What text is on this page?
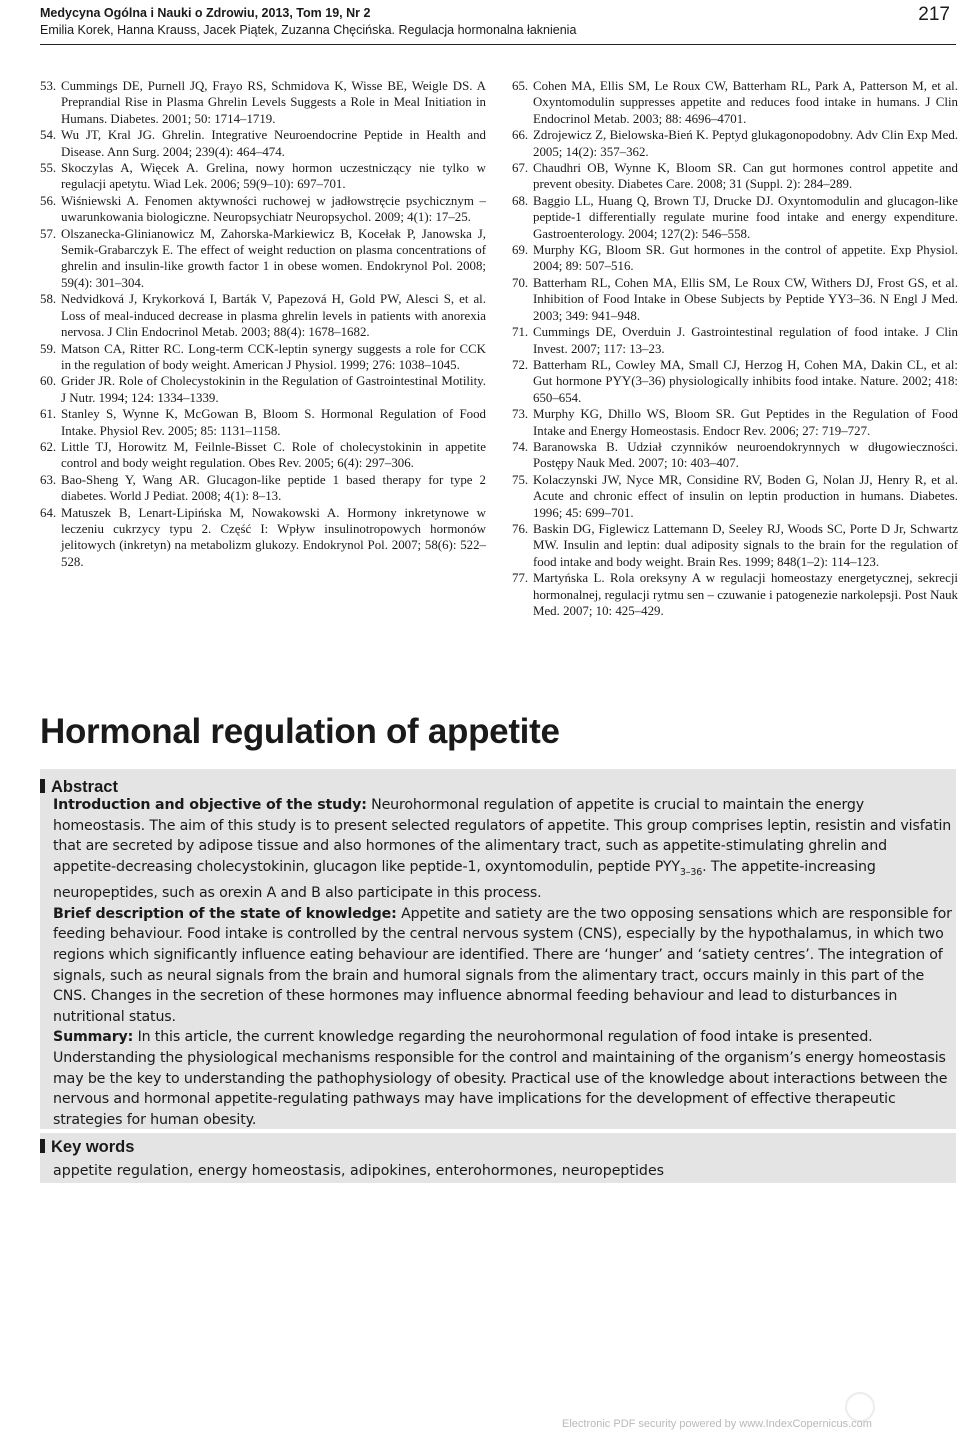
Medycyna Ogólna i Nauki o Zdrowiu, 2013, Tom 19, Nr 2
Emilia Korek, Hanna Krauss, Jacek Piątek, Zuzanna Chęcińska. Regulacja hormonalna łaknienia
217
53. Cummings DE, Purnell JQ, Frayo RS, Schmidova K, Wisse BE, Weigle DS. A Preprandial Rise in Plasma Ghrelin Levels Suggests a Role in Meal Initiation in Humans. Diabetes. 2001; 50: 1714–1719.
54. Wu JT, Kral JG. Ghrelin. Integrative Neuroendocrine Peptide in Health and Disease. Ann Surg. 2004; 239(4): 464–474.
55. Skoczylas A, Więcek A. Grelina, nowy hormon uczestniczący nie tylko w regulacji apetytu. Wiad Lek. 2006; 59(9–10): 697–701.
56. Wiśniewski A. Fenomen aktywności ruchowej w jadłowstręcie psychicznym – uwarunkowania biologiczne. Neuropsychiatr Neuropsychol. 2009; 4(1): 17–25.
57. Olszanecka-Glinianowicz M, Zahorska-Markiewicz B, Kocełak P, Janowska J, Semik-Grabarczyk E. The effect of weight reduction on plasma concentrations of ghrelin and insulin-like growth factor 1 in obese women. Endokrynol Pol. 2008; 59(4): 301–304.
58. Nedvidková J, Krykorková I, Barták V, Papezová H, Gold PW, Alesci S, et al. Loss of meal-induced decrease in plasma ghrelin levels in patients with anorexia nervosa. J Clin Endocrinol Metab. 2003; 88(4): 1678–1682.
59. Matson CA, Ritter RC. Long-term CCK-leptin synergy suggests a role for CCK in the regulation of body weight. American J Physiol. 1999; 276: 1038–1045.
60. Grider JR. Role of Cholecystokinin in the Regulation of Gastrointestinal Motility. J Nutr. 1994; 124: 1334–1339.
61. Stanley S, Wynne K, McGowan B, Bloom S. Hormonal Regulation of Food Intake. Physiol Rev. 2005; 85: 1131–1158.
62. Little TJ, Horowitz M, Feilnle-Bisset C. Role of cholecystokinin in appetite control and body weight regulation. Obes Rev. 2005; 6(4): 297–306.
63. Bao-Sheng Y, Wang AR. Glucagon-like peptide 1 based therapy for type 2 diabetes. World J Pediat. 2008; 4(1): 8–13.
64. Matuszek B, Lenart-Lipińska M, Nowakowski A. Hormony inkretynowe w leczeniu cukrzycy typu 2. Część I: Wpływ insulinotropowych hormonów jelitowych (inkretyn) na metabolizm glukozy. Endokrynol Pol. 2007; 58(6): 522–528.
65. Cohen MA, Ellis SM, Le Roux CW, Batterham RL, Park A, Patterson M, et al. Oxyntomodulin suppresses appetite and reduces food intake in humans. J Clin Endocrinol Metab. 2003; 88: 4696–4701.
66. Zdrojewicz Z, Bielowska-Bień K. Peptyd glukagonopodobny. Adv Clin Exp Med. 2005; 14(2): 357–362.
67. Chaudhri OB, Wynne K, Bloom SR. Can gut hormones control appetite and prevent obesity. Diabetes Care. 2008; 31 (Suppl. 2): 284–289.
68. Baggio LL, Huang Q, Brown TJ, Drucke DJ. Oxyntomodulin and glucagon-like peptide-1 differentially regulate murine food intake and energy expenditure. Gastroenterology. 2004; 127(2): 546–558.
69. Murphy KG, Bloom SR. Gut hormones in the control of appetite. Exp Physiol. 2004; 89: 507–516.
70. Batterham RL, Cohen MA, Ellis SM, Le Roux CW, Withers DJ, Frost GS, et al. Inhibition of Food Intake in Obese Subjects by Peptide YY3–36. N Engl J Med. 2003; 349: 941–948.
71. Cummings DE, Overduin J. Gastrointestinal regulation of food intake. J Clin Invest. 2007; 117: 13–23.
72. Batterham RL, Cowley MA, Small CJ, Herzog H, Cohen MA, Dakin CL, et al: Gut hormone PYY(3–36) physiologically inhibits food intake. Nature. 2002; 418: 650–654.
73. Murphy KG, Dhillo WS, Bloom SR. Gut Peptides in the Regulation of Food Intake and Energy Homeostasis. Endocr Rev. 2006; 27: 719–727.
74. Baranowska B. Udział czynników neuroendokrynnych w długowieczności. Postępy Nauk Med. 2007; 10: 403–407.
75. Kolaczynski JW, Nyce MR, Considine RV, Boden G, Nolan JJ, Henry R, et al. Acute and chronic effect of insulin on leptin production in humans. Diabetes. 1996; 45: 699–701.
76. Baskin DG, Figlewicz Lattemann D, Seeley RJ, Woods SC, Porte D Jr, Schwartz MW. Insulin and leptin: dual adiposity signals to the brain for the regulation of food intake and body weight. Brain Res. 1999; 848(1–2): 114–123.
77. Martyńska L. Rola oreksyny A w regulacji homeostazy energetycznej, sekrecji hormonalnej, regulacji rytmu sen – czuwanie i patogenezie narkolepsji. Post Nauk Med. 2007; 10: 425–429.
Hormonal regulation of appetite
Abstract

Introduction and objective of the study: Neurohormonal regulation of appetite is crucial to maintain the energy homeostasis. The aim of this study is to present selected regulators of appetite. This group comprises leptin, resistin and visfatin that are secreted by adipose tissue and also hormones of the alimentary tract, such as appetite-stimulating ghrelin and appetite-decreasing cholecystokinin, glucagon like peptide-1, oxyntomodulin, peptide $PYY_{3-36}$. The appetite-increasing neuropeptides, such as orexin A and B also participate in this process.

Brief description of the state of knowledge: Appetite and satiety are the two opposing sensations which are responsible for feeding behaviour. Food intake is controlled by the central nervous system (CNS), especially by the hypothalamus, in which two regions which significantly influence eating behaviour are identified. There are ‘hunger’ and ‘satiety centres’. The integration of signals, such as neural signals from the brain and humoral signals from the alimentary tract, occurs mainly in this part of the CNS. Changes in the secretion of these hormones may influence abnormal feeding behaviour and lead to disturbances in nutritional status.

Summary: In this article, the current knowledge regarding the neurohormonal regulation of food intake is presented. Understanding the physiological mechanisms responsible for the control and maintaining of the organism’s energy homeostasis may be the key to understanding the pathophysiology of obesity. Practical use of the knowledge about interactions between the nervous and hormonal appetite-regulating pathways may have implications for the development of effective therapeutic strategies for human obesity.

Key words
appetite regulation, energy homeostasis, adipokines, enterohormones, neuropeptides
Electronic PDF security powered by www.IndexCopernicus.com
